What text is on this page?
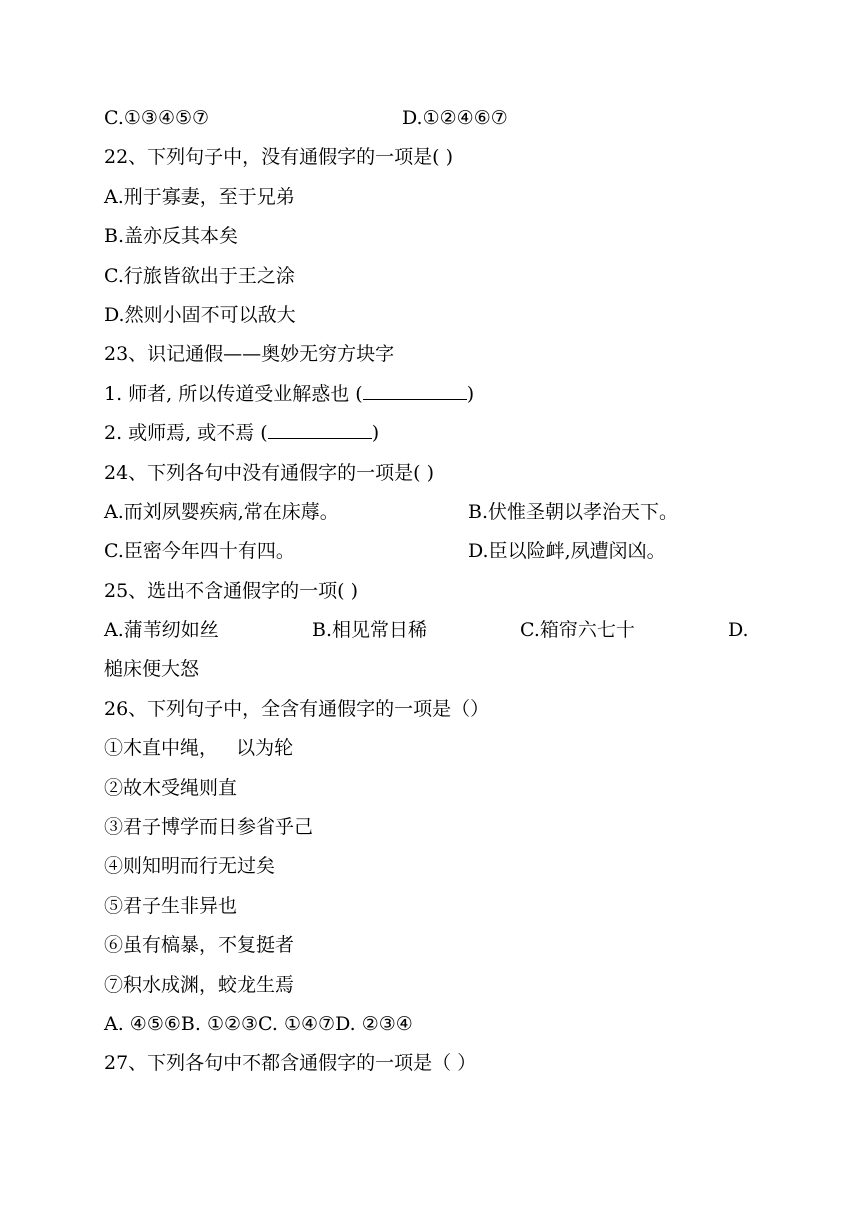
C.①③④⑤⑦	D.①②④⑥⑦
22、下列句子中，没有通假字的一项是( )
A.刑于寡妻，至于兄弟
B.盖亦反其本矣
C.行旅皆欲出于王之涂
D.然则小固不可以敌大
23、识记通假——奥妙无穷方块字
1. 师者, 所以传道受业解惑也 (	)
2. 或师焉, 或不焉 (	)
24、下列各句中没有通假字的一项是( )
A.而刘夙婴疾病,常在床蓐。	B.伏惟圣朝以孝治天下。
C.臣密今年四十有四。	D.臣以险衅,夙遭闵凶。
25、选出不含通假字的一项( )
A.蒲苇纫如丝	B.相见常日稀	C.箱帘六七十	D.
槌床便大怒
26、下列句子中，全含有通假字的一项是（）
①木直中绳，   以为轮
②故木受绳则直
③君子博学而日参省乎己
④则知明而行无过矣
⑤君子生非异也
⑥虽有槁暴，不复挺者
⑦积水成渊，蛟龙生焉
A. ④⑤⑥B. ①②③C. ①④⑦D. ②③④
27、下列各句中不都含通假字的一项是（ ）
